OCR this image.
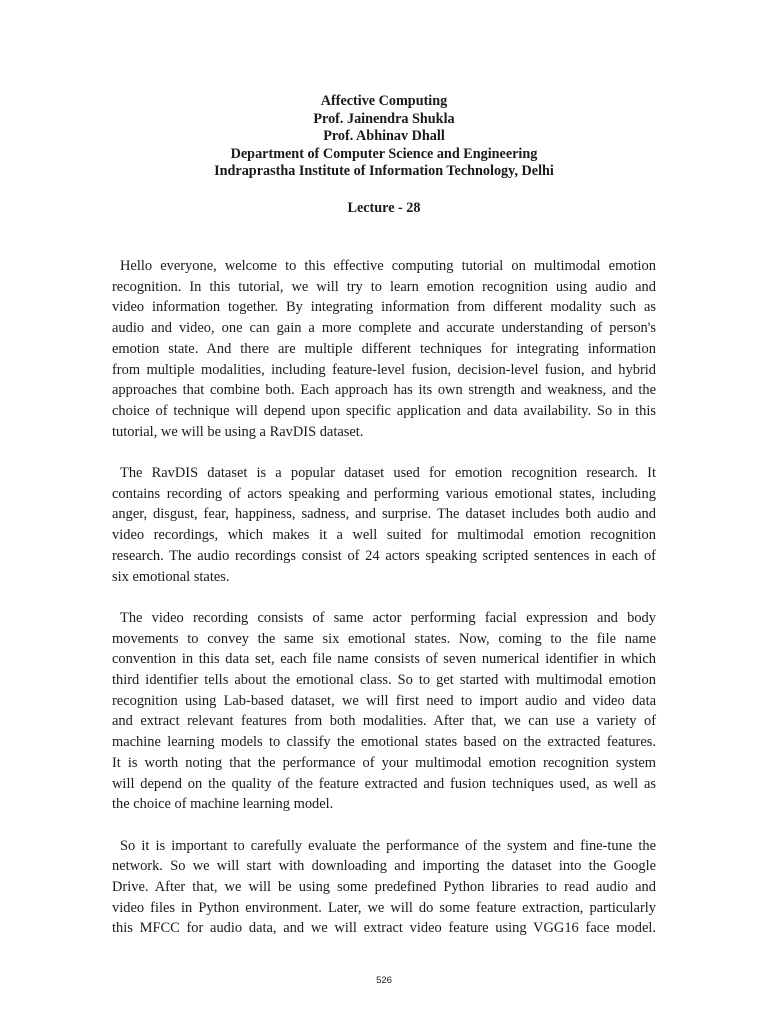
Affective Computing
Prof. Jainendra Shukla
Prof. Abhinav Dhall
Department of Computer Science and Engineering
Indraprastha Institute of Information Technology, Delhi
Lecture - 28

Hello everyone, welcome to this effective computing tutorial on multimodal emotion
recognition. In this tutorial, we will try to learn emotion recognition using audio and
video information together. By integrating information from different modality such as
audio and video, one can gain a more complete and accurate understanding of person's
emotion state. And there are multiple different techniques for integrating information
from multiple modalities, including feature-level fusion, decision-level fusion, and hybrid
approaches that combine both. Each approach has its own strength and weakness, and the
choice of technique will depend upon specific application and data availability. So in this
tutorial, we will be using a RavDIS dataset.

The RavDIS dataset is a popular dataset used for emotion recognition research. It
contains recording of actors speaking and performing various emotional states, including
anger, disgust, fear, happiness, sadness, and surprise. The dataset includes both audio and
video recordings, which makes it a well suited for multimodal emotion recognition
research. The audio recordings consist of 24 actors speaking scripted sentences in each of
six emotional states.

The video recording consists of same actor performing facial expression and body
movements to convey the same six emotional states. Now, coming to the file name
convention in this data set, each file name consists of seven numerical identifier in which
third identifier tells about the emotional class. So to get started with multimodal emotion
recognition using Lab-based dataset, we will first need to import audio and video data
and extract relevant features from both modalities. After that, we can use a variety of
machine learning models to classify the emotional states based on the extracted features.
It is worth noting that the performance of your multimodal emotion recognition system
will depend on the quality of the feature extracted and fusion techniques used, as well as
the choice of machine learning model.

So it is important to carefully evaluate the performance of the system and fine-tune the
network. So we will start with downloading and importing the dataset into the Google
Drive. After that, we will be using some predefined Python libraries to read audio and
video files in Python environment. Later, we will do some feature extraction, particularly
this MFCC for audio data, and we will extract video feature using VGG16 face model.

526
